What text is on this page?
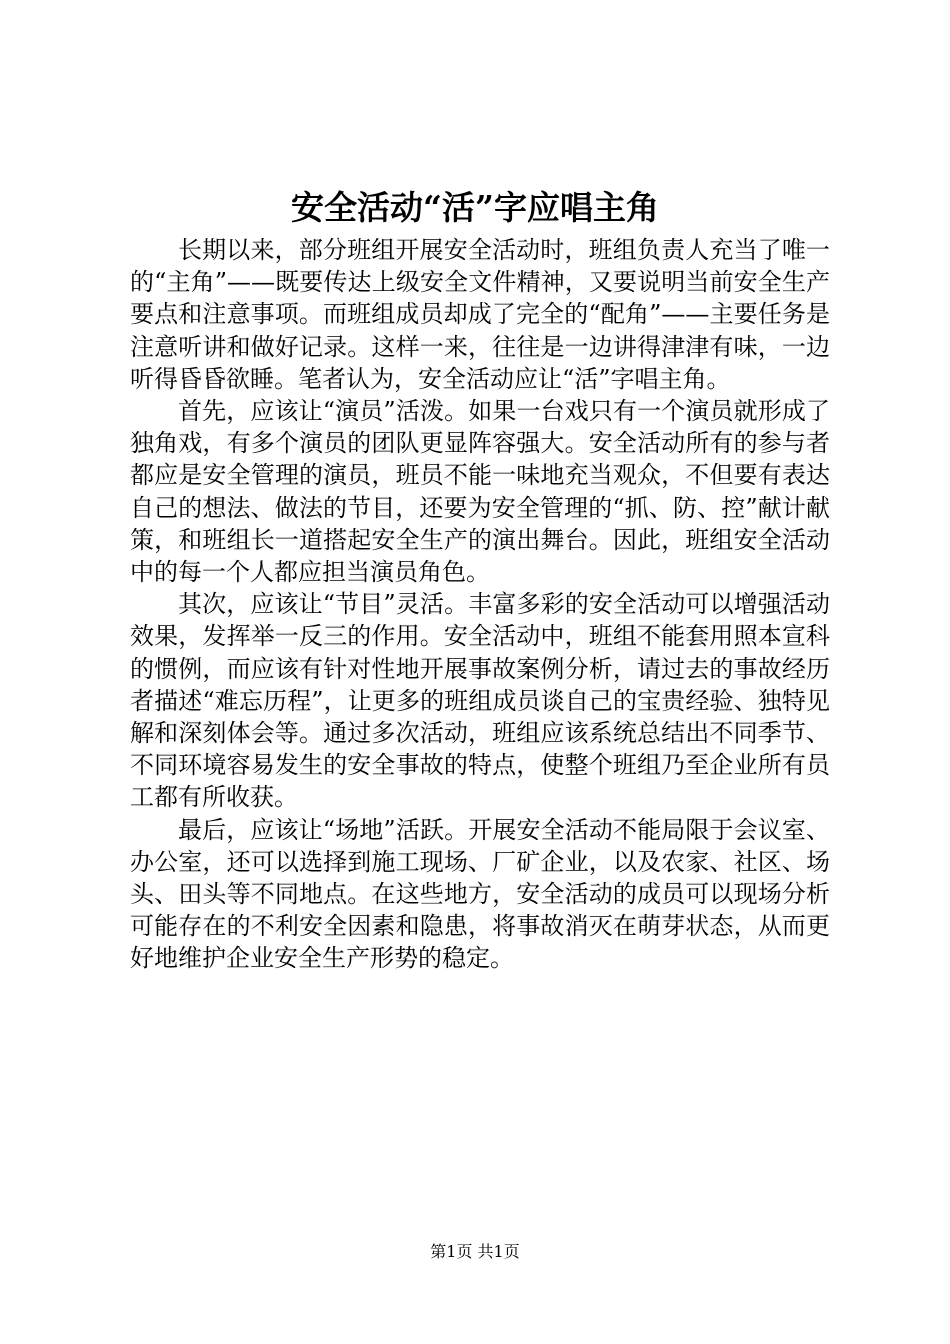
安全活动“活”字应唱主角

长期以来，部分班组开展安全活动时，班组负责人充当了唯一的“主角”——既要传达上级安全文件精神，又要说明当前安全生产要点和注意事项。而班组成员却成了完全的“配角”——主要任务是注意听讲和做好记录。这样一来，往往是一边讲得津津有味，一边听得昏昏欲睡。笔者认为，安全活动应让“活”字唱主角。

首先，应该让“演员”活泼。如果一台戏只有一个演员就形成了独角戏，有多个演员的团队更显阵容强大。安全活动所有的参与者都应是安全管理的演员，班员不能一味地充当观众，不但要有表达自己的想法、做法的节目，还要为安全管理的“抓、防、控”献计献策，和班组长一道搭起安全生产的演出舞台。因此，班组安全活动中的每一个人都应担当演员角色。

其次，应该让“节目”灵活。丰富多彩的安全活动可以增强活动效果，发挥举一反三的作用。安全活动中，班组不能套用照本宣科的惯例，而应该有针对性地开展事故案例分析，请过去的事故经历者描述“难忘历程”，让更多的班组成员谈自己的宝贵经验、独特见解和深刻体会等。通过多次活动，班组应该系统总结出不同季节、不同环境容易发生的安全事故的特点，使整个班组乃至企业所有员工都有所收获。

最后，应该让“场地”活跃。开展安全活动不能局限于会议室、办公室，还可以选择到施工现场、厂矿企业，以及农家、社区、场头、田头等不同地点。在这些地方，安全活动的成员可以现场分析可能存在的不利安全因素和隐患，将事故消灭在萌芽状态，从而更好地维护企业安全生产形势的稳定。

第1页 共1页
